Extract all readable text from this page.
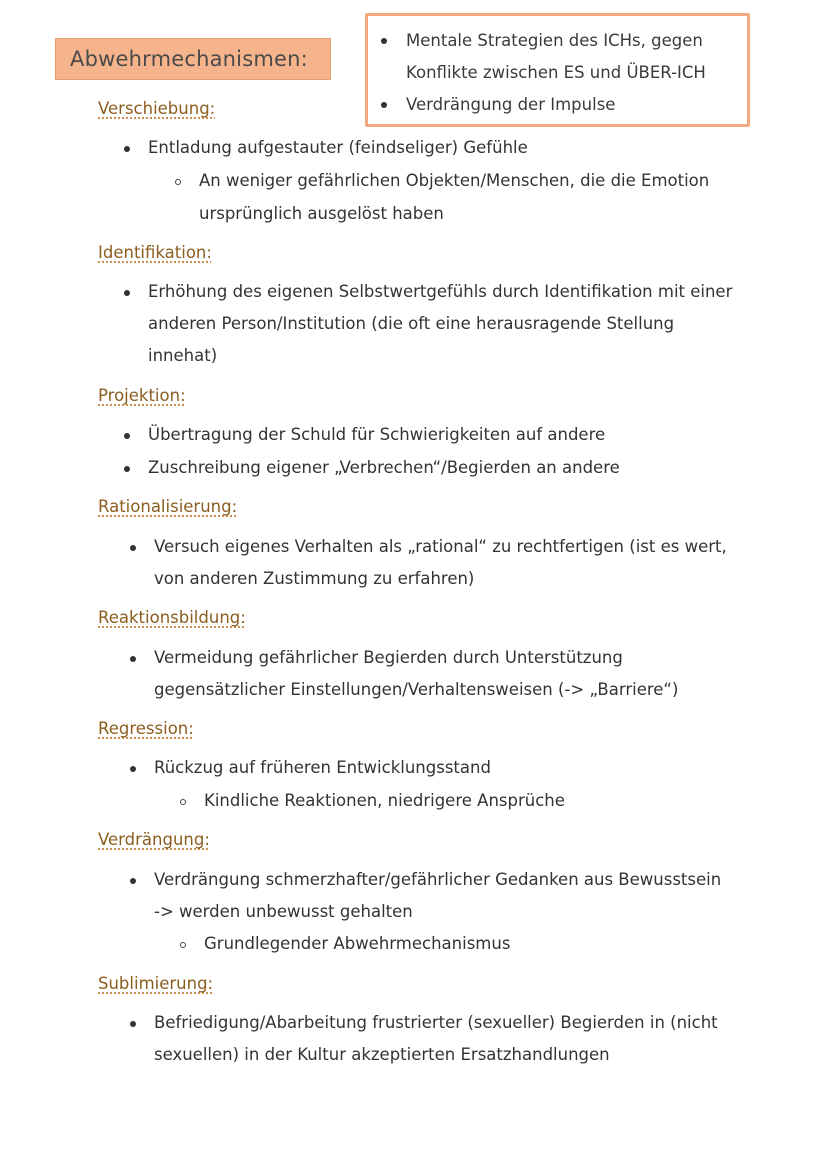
Abwehrmechanismen:
Mentale Strategien des ICHs, gegen
Konflikte zwischen ES und ÜBER-ICH
Verdrängung der Impulse
Verschiebung:
Entladung aufgestauter (feindseliger) Gefühle
An weniger gefährlichen Objekten/Menschen, die die Emotion
ursprünglich ausgelöst haben
Identifikation:
Erhöhung des eigenen Selbstwertgefühls durch Identifikation mit einer
anderen Person/Institution (die oft eine herausragende Stellung
innehat)
Projektion:
Übertragung der Schuld für Schwierigkeiten auf andere
Zuschreibung eigener „Verbrechen“/Begierden an andere
Rationalisierung:
Versuch eigenes Verhalten als „rational“ zu rechtfertigen (ist es wert,
von anderen Zustimmung zu erfahren)
Reaktionsbildung:
Vermeidung gefährlicher Begierden durch Unterstützung
gegensätzlicher Einstellungen/Verhaltensweisen (-> „Barriere“)
Regression:
Rückzug auf früheren Entwicklungsstand
Kindliche Reaktionen, niedrigere Ansprüche
Verdrängung:
Verdrängung schmerzhafter/gefährlicher Gedanken aus Bewusstsein
-> werden unbewusst gehalten
Grundlegender Abwehrmechanismus
Sublimierung:
Befriedigung/Abarbeitung frustrierter (sexueller) Begierden in (nicht
sexuellen) in der Kultur akzeptierten Ersatzhandlungen
